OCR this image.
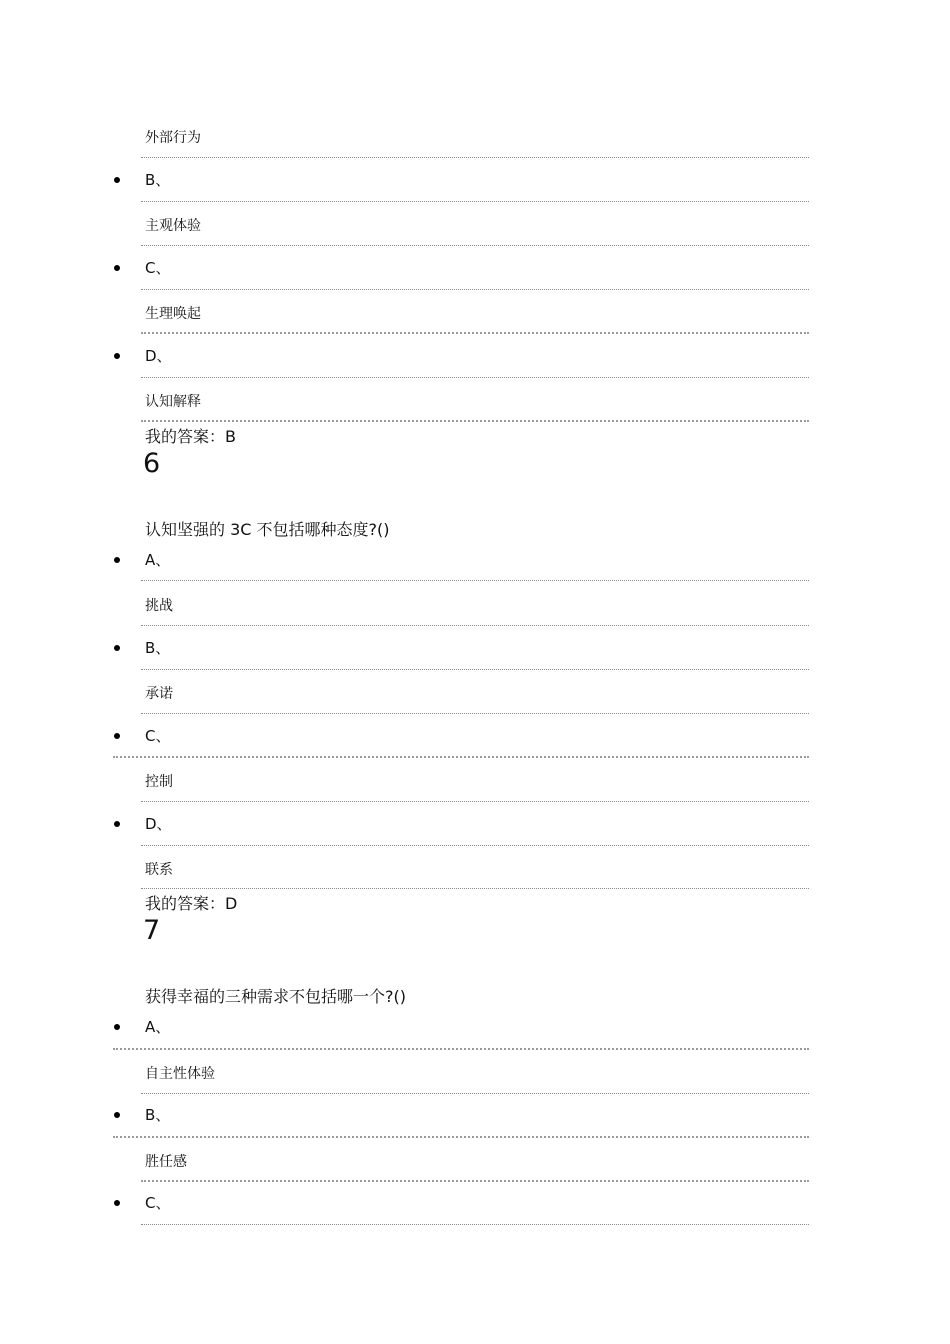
外部行为
B、
主观体验
C、
生理唤起
D、
认知解释
我的答案：B
6
认知坚强的 3C 不包括哪种态度?()
A、
挑战
B、
承诺
C、
控制
D、
联系
我的答案：D
7
获得幸福的三种需求不包括哪一个?()
A、
自主性体验
B、
胜任感
C、
